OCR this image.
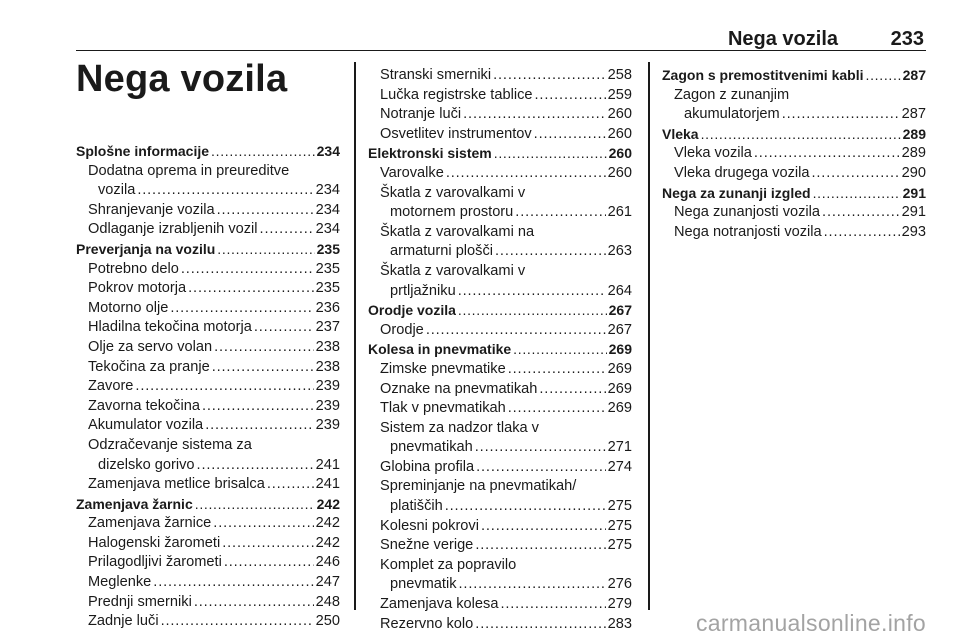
Nega vozila	233
Nega vozila
Splošne informacije . . .	234
Dodatna oprema in preureditve
vozila . . .	234
Shranjevanje vozila . . .	234
Odlaganje izrabljenih vozil . . .	234
Preverjanja na vozilu . . .	235
Potrebno delo . . .	235
Pokrov motorja . . .	235
Motorno olje . . .	236
Hladilna tekočina motorja . . .	237
Olje za servo volan . . .	238
Tekočina za pranje . . .	238
Zavore . . .	239
Zavorna tekočina . . .	239
Akumulator vozila . . .	239
Odzračevanje sistema za
dizelsko gorivo . . .	241
Zamenjava metlice brisalca . . .	241
Zamenjava žarnic . . .	242
Zamenjava žarnice . . .	242
Halogenski žarometi . . .	242
Prilagodljivi žarometi . . .	246
Meglenke . . .	247
Prednji smerniki . . .	248
Zadnje luči . . .	250
Stranski smerniki . . .	258
Lučka registrske tablice . . .	259
Notranje luči . . .	260
Osvetlitev instrumentov . . .	260
Elektronski sistem . . .	260
Varovalke . . .	260
Škatla z varovalkami v
motornem prostoru . . .	261
Škatla z varovalkami na
armaturni plošči . . .	263
Škatla z varovalkami v
prtljažniku . . .	264
Orodje vozila . . .	267
Orodje . . .	267
Kolesa in pnevmatike . . .	269
Zimske pnevmatike . . .	269
Oznake na pnevmatikah . . .	269
Tlak v pnevmatikah . . .	269
Sistem za nadzor tlaka v
pnevmatikah . . .	271
Globina profila . . .	274
Spreminjanje na pnevmatikah/
platiščih . . .	275
Kolesni pokrovi . . .	275
Snežne verige . . .	275
Komplet za popravilo
pnevmatik . . .	276
Zamenjava kolesa . . .	279
Rezervno kolo . . .	283
Zagon s premostitvenimi kabli . . .	287
Zagon z zunanjim
akumulatorjem . . .	287
Vleka . . .	289
Vleka vozila . . .	289
Vleka drugega vozila . . .	290
Nega za zunanji izgled . . .	291
Nega zunanjosti vozila . . .	291
Nega notranjosti vozila . . .	293
carmanualsonline.info
